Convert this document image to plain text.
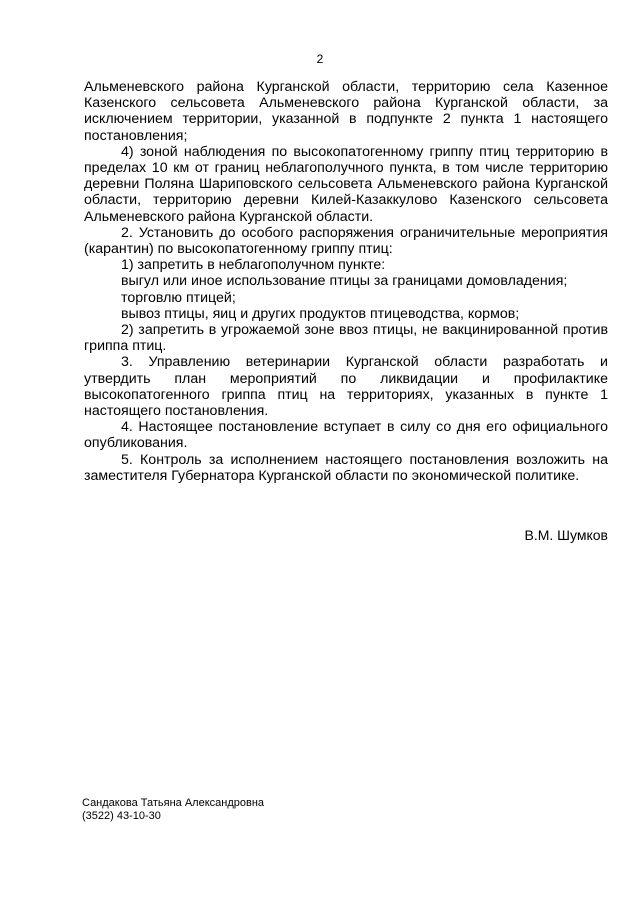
2

Альменевского района Курганской области, территорию села Казенное Казенского сельсовета Альменевского района Курганской области, за исключением территории, указанной в подпункте 2 пункта 1 настоящего постановления;

4) зоной наблюдения по высокопатогенному гриппу птиц территорию в пределах 10 км от границ неблагополучного пункта, в том числе территорию деревни Поляна Шариповского сельсовета Альменевского района Курганской области, территорию деревни Килей-Казаккулово Казенского сельсовета Альменевского района Курганской области.

2. Установить до особого распоряжения ограничительные мероприятия (карантин) по высокопатогенному гриппу птиц:

1) запретить в неблагополучном пункте:

выгул или иное использование птицы за границами домовладения;

торговлю птицей;

вывоз птицы, яиц и других продуктов птицеводства, кормов;

2) запретить в угрожаемой зоне ввоз птицы, не вакцинированной против гриппа птиц.

3. Управлению ветеринарии Курганской области разработать и утвердить план мероприятий по ликвидации и профилактике высокопатогенного гриппа птиц на территориях, указанных в пункте 1 настоящего постановления.

4. Настоящее постановление вступает в силу со дня его официального опубликования.

5. Контроль за исполнением настоящего постановления возложить на заместителя Губернатора Курганской области по экономической политике.

В.М. Шумков
Сандакова Татьяна Александровна
(3522) 43-10-30
